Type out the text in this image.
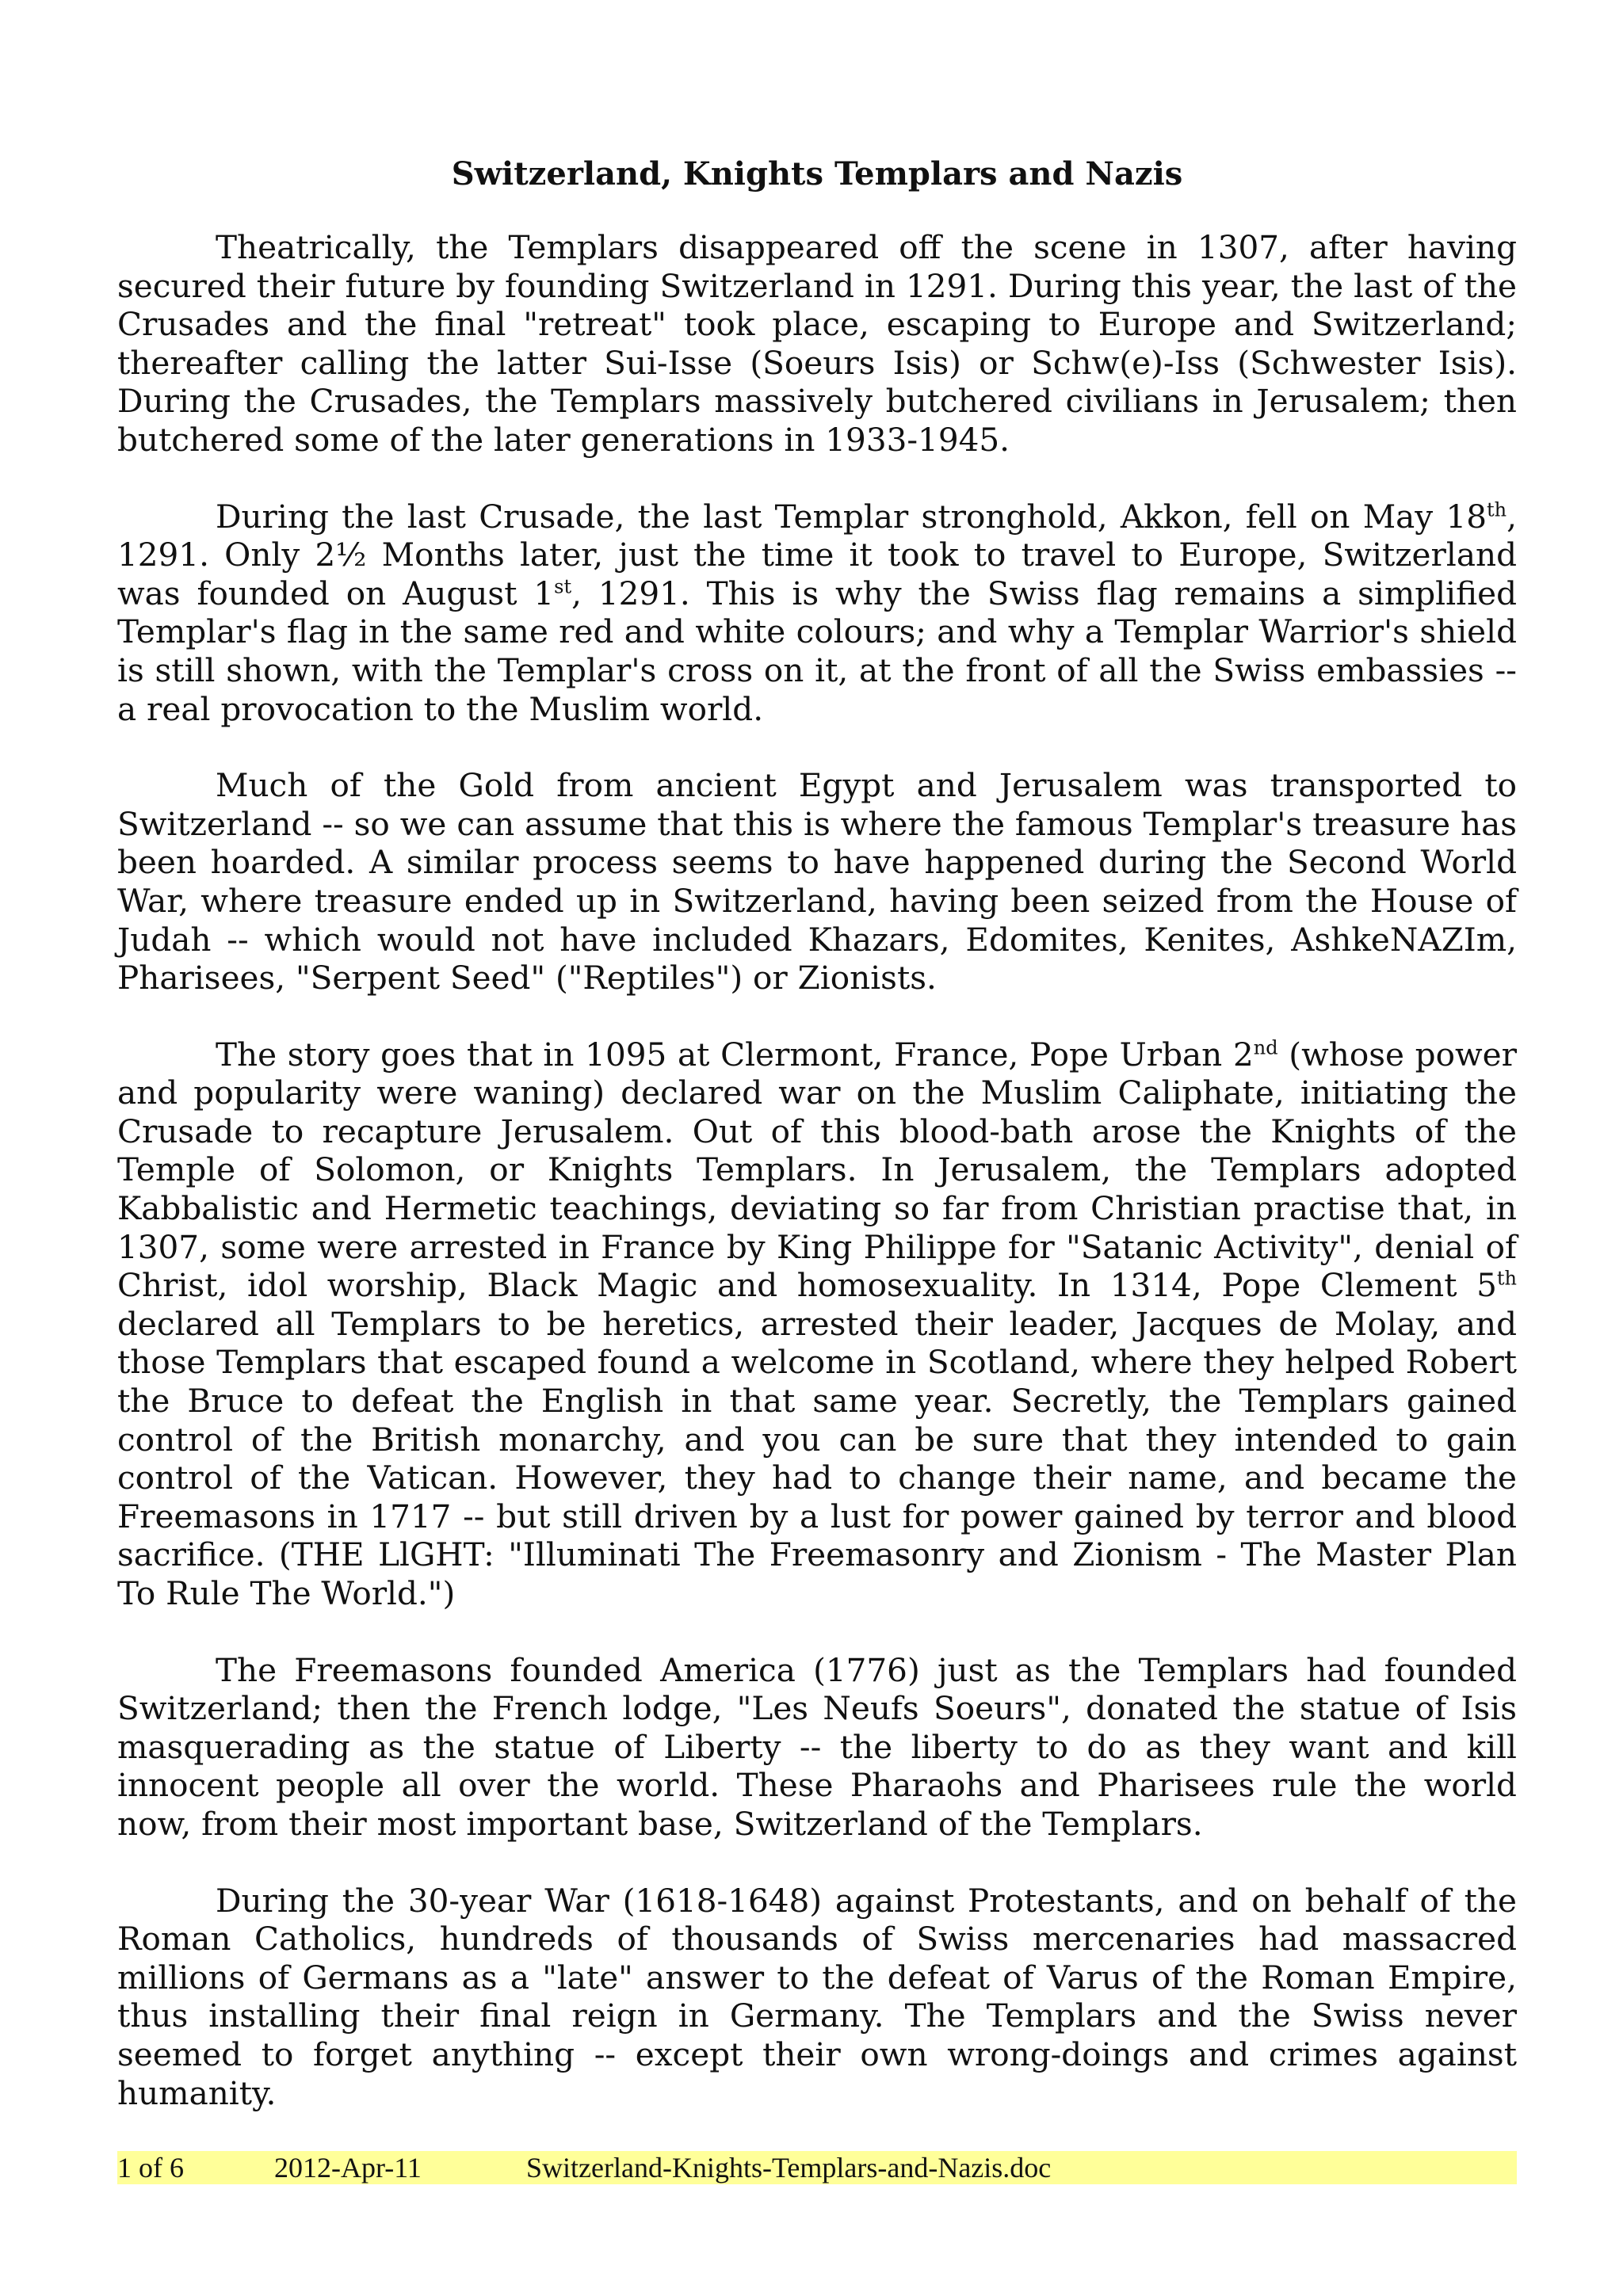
Switzerland, Knights Templars and Nazis

Theatrically, the Templars disappeared off the scene in 1307, after having secured their future by founding Switzerland in 1291. During this year, the last of the Crusades and the final "retreat" took place, escaping to Europe and Switzerland; thereafter calling the latter Sui-Isse (Soeurs Isis) or Schw(e)-Iss (Schwester Isis). During the Crusades, the Templars massively butchered civilians in Jerusalem; then butchered some of the later generations in 1933-1945.

During the last Crusade, the last Templar stronghold, Akkon, fell on May 18th, 1291. Only 2½ Months later, just the time it took to travel to Europe, Switzerland was founded on August 1st, 1291. This is why the Swiss flag remains a simplified Templar's flag in the same red and white colours; and why a Templar Warrior's shield is still shown, with the Templar's cross on it, at the front of all the Swiss embassies -- a real provocation to the Muslim world.

Much of the Gold from ancient Egypt and Jerusalem was transported to Switzerland -- so we can assume that this is where the famous Templar's treasure has been hoarded. A similar process seems to have happened during the Second World War, where treasure ended up in Switzerland, having been seized from the House of Judah -- which would not have included Khazars, Edomites, Kenites, AshkeNAZIm, Pharisees, "Serpent Seed" ("Reptiles") or Zionists.

The story goes that in 1095 at Clermont, France, Pope Urban 2nd (whose power and popularity were waning) declared war on the Muslim Caliphate, initiating the Crusade to recapture Jerusalem. Out of this blood-bath arose the Knights of the Temple of Solomon, or Knights Templars. In Jerusalem, the Templars adopted Kabbalistic and Hermetic teachings, deviating so far from Christian practise that, in 1307, some were arrested in France by King Philippe for "Satanic Activity", denial of Christ, idol worship, Black Magic and homosexuality. In 1314, Pope Clement 5th declared all Templars to be heretics, arrested their leader, Jacques de Molay, and those Templars that escaped found a welcome in Scotland, where they helped Robert the Bruce to defeat the English in that same year. Secretly, the Templars gained control of the British monarchy, and you can be sure that they intended to gain control of the Vatican. However, they had to change their name, and became the Freemasons in 1717 -- but still driven by a lust for power gained by terror and blood sacrifice. (THE LlGHT: "Illuminati The Freemasonry and Zionism - The Master Plan To Rule The World.")

The Freemasons founded America (1776) just as the Templars had founded Switzerland; then the French lodge, "Les Neufs Soeurs", donated the statue of Isis masquerading as the statue of Liberty -- the liberty to do as they want and kill innocent people all over the world. These Pharaohs and Pharisees rule the world now, from their most important base, Switzerland of the Templars.

During the 30-year War (1618-1648) against Protestants, and on behalf of the Roman Catholics, hundreds of thousands of Swiss mercenaries had massacred millions of Germans as a "late" answer to the defeat of Varus of the Roman Empire, thus installing their final reign in Germany. The Templars and the Swiss never seemed to forget anything -- except their own wrong-doings and crimes against humanity.

1 of 6	2012-Apr-11	Switzerland-Knights-Templars-and-Nazis.doc
